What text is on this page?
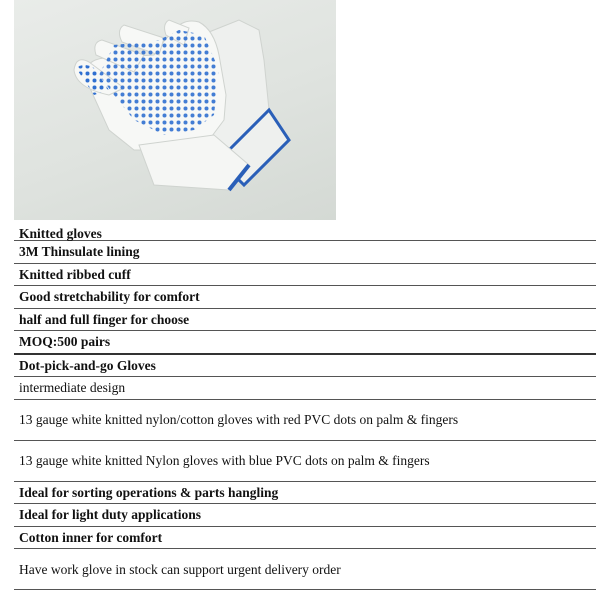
Knitted gloves
3M Thinsulate lining
Knitted ribbed cuff
Good stretchability for comfort
half and full finger for choose
MOQ:500 pairs
Dot-pick-and-go Gloves
intermediate design
13 gauge white knitted nylon/cotton gloves with red PVC dots on palm & fingers
13 gauge white knitted Nylon gloves with blue PVC dots on palm & fingers
Ideal for sorting operations & parts hangling
Ideal for light duty applications
Cotton inner for comfort
Have work glove in stock can support urgent delivery order
